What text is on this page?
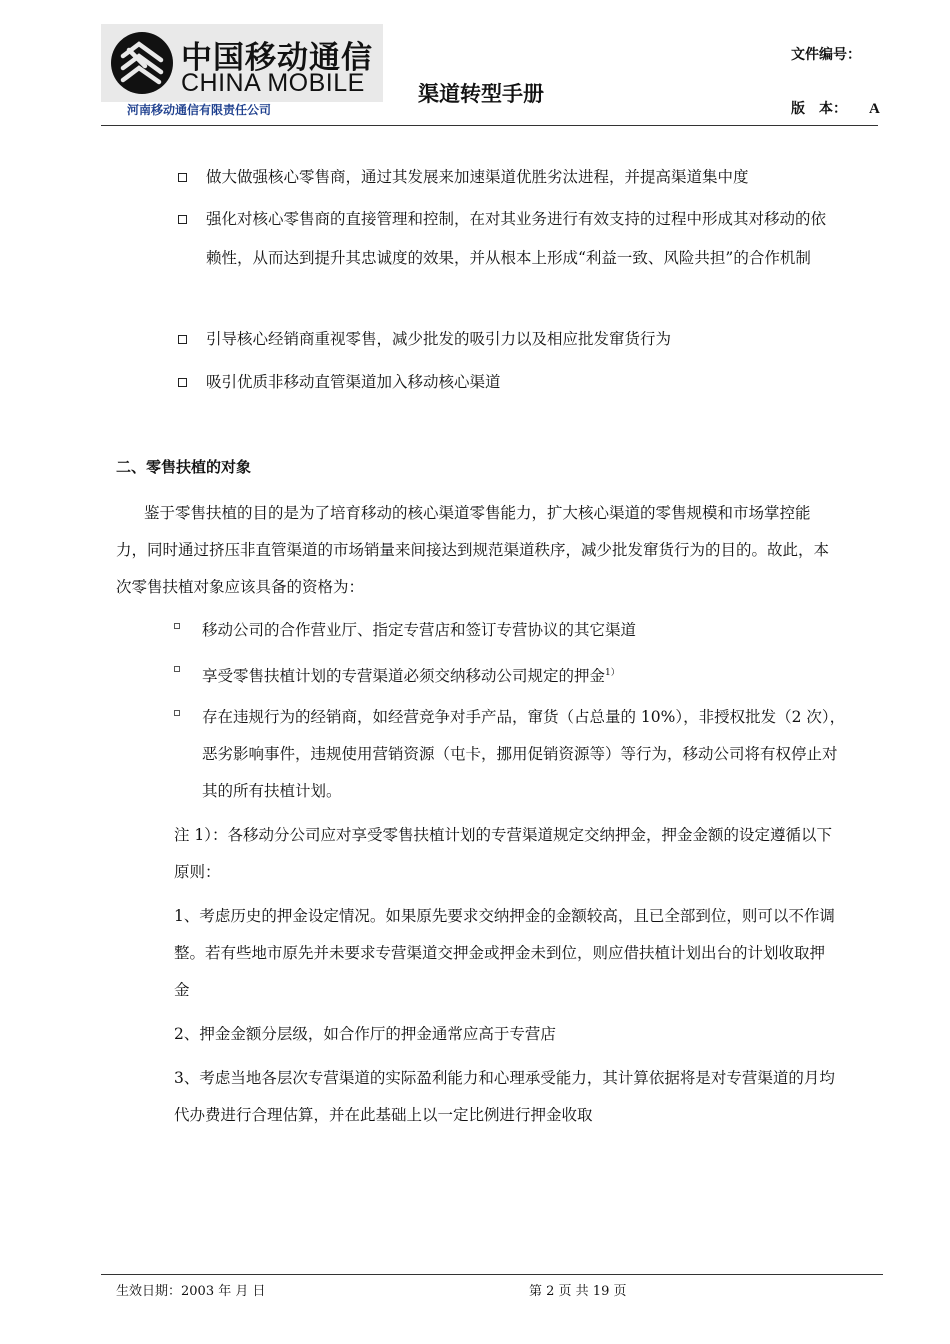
中国移动通信
CHINA MOBILE
河南移动通信有限责任公司
渠道转型手册
文件编号：
版　本： A
做大做强核心零售商，通过其发展来加速渠道优胜劣汰进程，并提高渠道集中度
强化对核心零售商的直接管理和控制，在对其业务进行有效支持的过程中形成其对移动的依赖性，从而达到提升其忠诚度的效果，并从根本上形成“利益一致、风险共担”的合作机制
引导核心经销商重视零售，减少批发的吸引力以及相应批发窜货行为
吸引优质非移动直管渠道加入移动核心渠道
二、零售扶植的对象
鉴于零售扶植的目的是为了培育移动的核心渠道零售能力，扩大核心渠道的零售规模和市场掌控能力，同时通过挤压非直管渠道的市场销量来间接达到规范渠道秩序，减少批发窜货行为的目的。故此，本次零售扶植对象应该具备的资格为：
移动公司的合作营业厅、指定专营店和签订专营协议的其它渠道
享受零售扶植计划的专营渠道必须交纳移动公司规定的押金$^{1)}$
存在违规行为的经销商，如经营竞争对手产品，窜货（占总量的 10%），非授权批发（2 次），恶劣影响事件，违规使用营销资源（屯卡，挪用促销资源等）等行为，移动公司将有权停止对其的所有扶植计划。
注 1）：各移动分公司应对享受零售扶植计划的专营渠道规定交纳押金，押金金额的设定遵循以下原则：
1、考虑历史的押金设定情况。如果原先要求交纳押金的金额较高，且已全部到位，则可以不作调整。若有些地市原先并未要求专营渠道交押金或押金未到位，则应借扶植计划出台的计划收取押金
2、押金金额分层级，如合作厅的押金通常应高于专营店
3、考虑当地各层次专营渠道的实际盈利能力和心理承受能力，其计算依据将是对专营渠道的月均代办费进行合理估算，并在此基础上以一定比例进行押金收取
生效日期：2003 年 月 日	第 2 页 共 19 页
